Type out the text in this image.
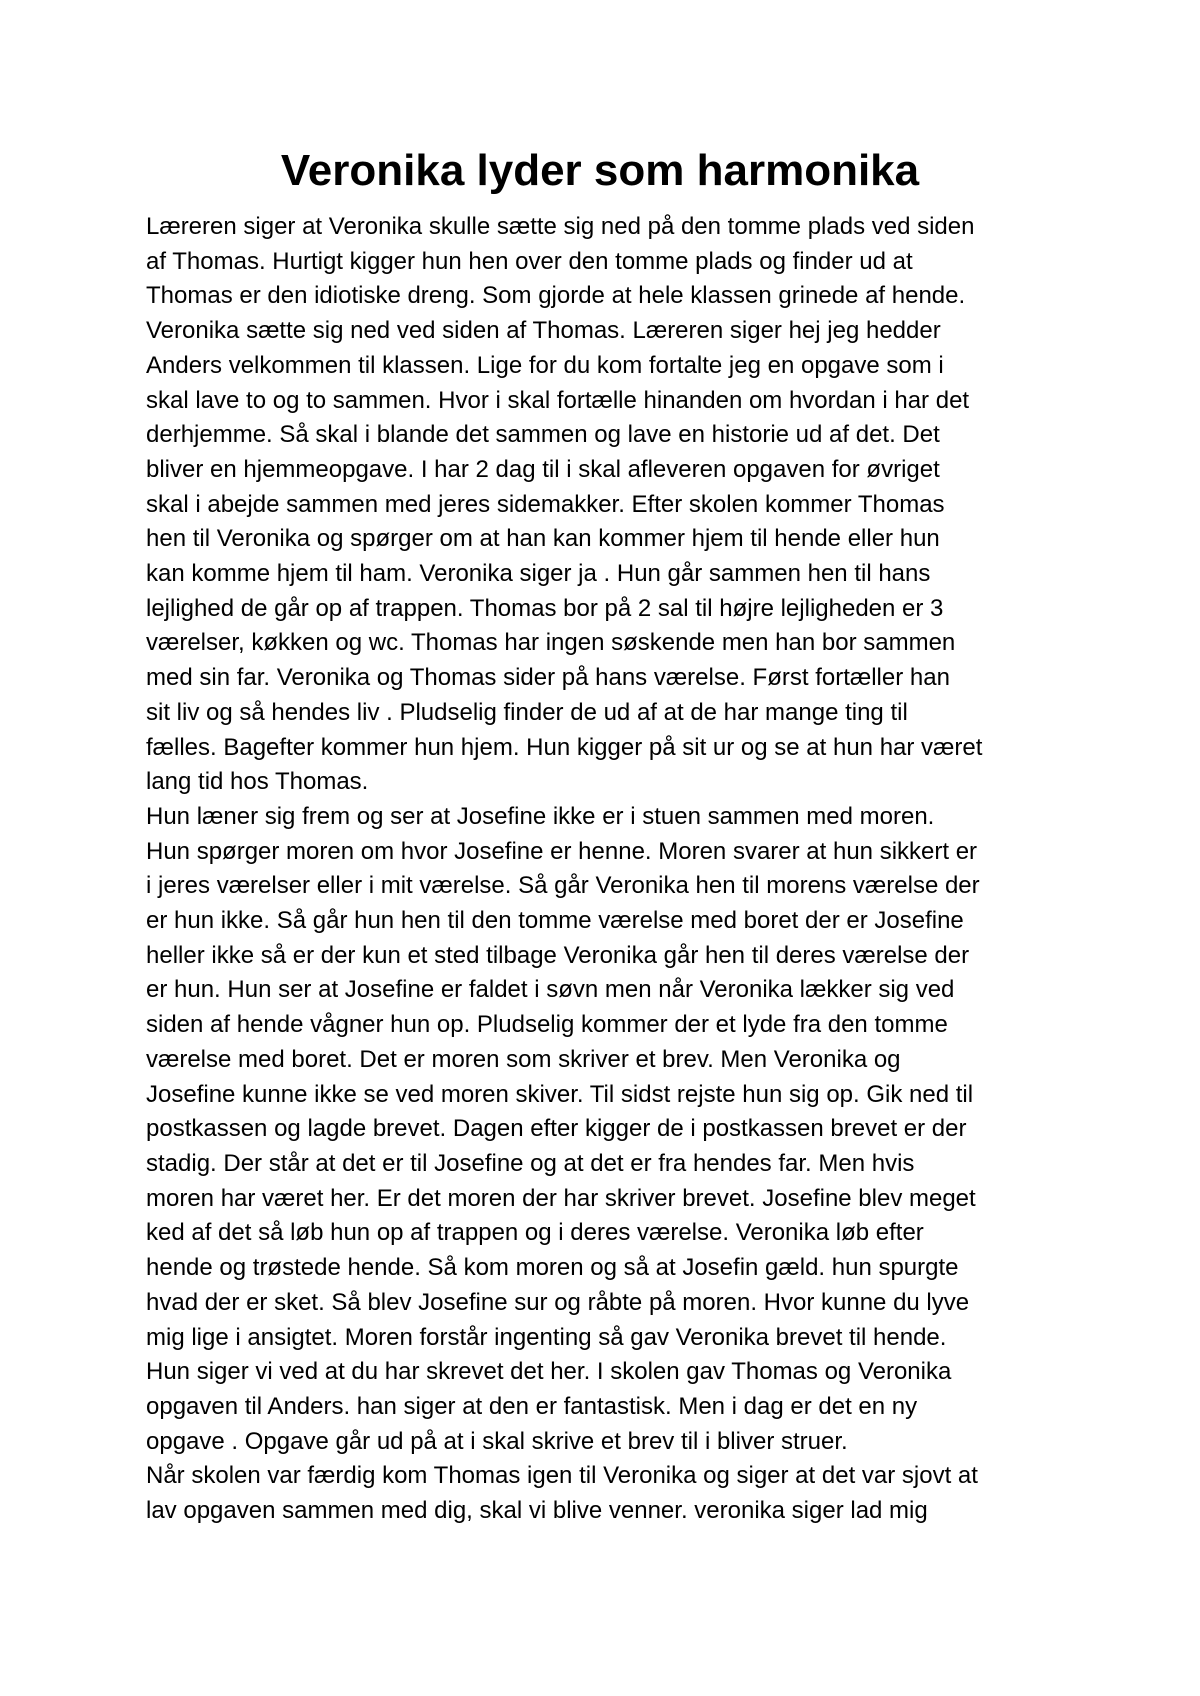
Veronika lyder som harmonika
Læreren siger at Veronika skulle sætte sig ned på den tomme plads ved siden
af Thomas. Hurtigt kigger hun hen over den tomme plads og finder ud at
Thomas er den idiotiske dreng. Som gjorde at hele klassen grinede af hende.
Veronika sætte sig ned ved siden af Thomas. Læreren siger hej jeg hedder
Anders velkommen til klassen. Lige for du kom fortalte jeg en opgave som i
skal lave to og to sammen. Hvor i skal fortælle hinanden om hvordan i har det
derhjemme. Så skal i blande det sammen og lave en historie ud af det. Det
bliver en hjemmeopgave. I har 2 dag til i skal afleveren opgaven for øvriget
skal i abejde sammen med jeres sidemakker. Efter skolen kommer Thomas
hen til Veronika og spørger om at han kan kommer hjem til hende eller hun
kan komme hjem til ham. Veronika siger ja . Hun går sammen hen til hans
lejlighed de går op af trappen. Thomas bor på 2 sal til højre lejligheden er 3
værelser, køkken og wc. Thomas har ingen søskende men han bor sammen
med sin far. Veronika og Thomas sider på hans værelse. Først fortæller han
sit liv og så hendes liv . Pludselig finder de ud af at de har mange ting til
fælles. Bagefter kommer hun hjem. Hun kigger på sit ur og se at hun har været
lang tid hos Thomas.
Hun læner sig frem og ser at Josefine ikke er i stuen sammen med moren.
Hun spørger moren om hvor Josefine er henne. Moren svarer at hun sikkert er
i jeres værelser eller i mit værelse. Så går Veronika hen til morens værelse der
er hun ikke. Så går hun hen til den tomme værelse med boret der er Josefine
heller ikke så er der kun et sted tilbage Veronika går hen til deres værelse der
er hun. Hun ser at Josefine er faldet i søvn men når Veronika lækker sig ved
siden af hende vågner hun op. Pludselig kommer der et lyde fra den tomme
værelse med boret. Det er moren som skriver et brev. Men Veronika og
Josefine kunne ikke se ved moren skiver. Til sidst rejste hun sig op. Gik ned til
postkassen og lagde brevet. Dagen efter kigger de i postkassen brevet er der
stadig. Der står at det er til Josefine og at det er fra hendes far. Men hvis
moren har været her. Er det moren der har skriver brevet. Josefine blev meget
ked af det så løb hun op af trappen og i deres værelse. Veronika løb efter
hende og trøstede hende. Så kom moren og så at Josefin gæld. hun spurgte
hvad der er sket. Så blev Josefine sur og råbte på moren. Hvor kunne du lyve
mig lige i ansigtet. Moren forstår ingenting så gav Veronika brevet til hende.
Hun siger vi ved at du har skrevet det her. I skolen gav Thomas og Veronika
opgaven til Anders. han siger at den er fantastisk. Men i dag er det en ny
opgave . Opgave går ud på at i skal skrive et brev til i bliver struer.
Når skolen var færdig kom Thomas igen til Veronika og siger at det var sjovt at
lav opgaven sammen med dig, skal vi blive venner. veronika siger lad mig
